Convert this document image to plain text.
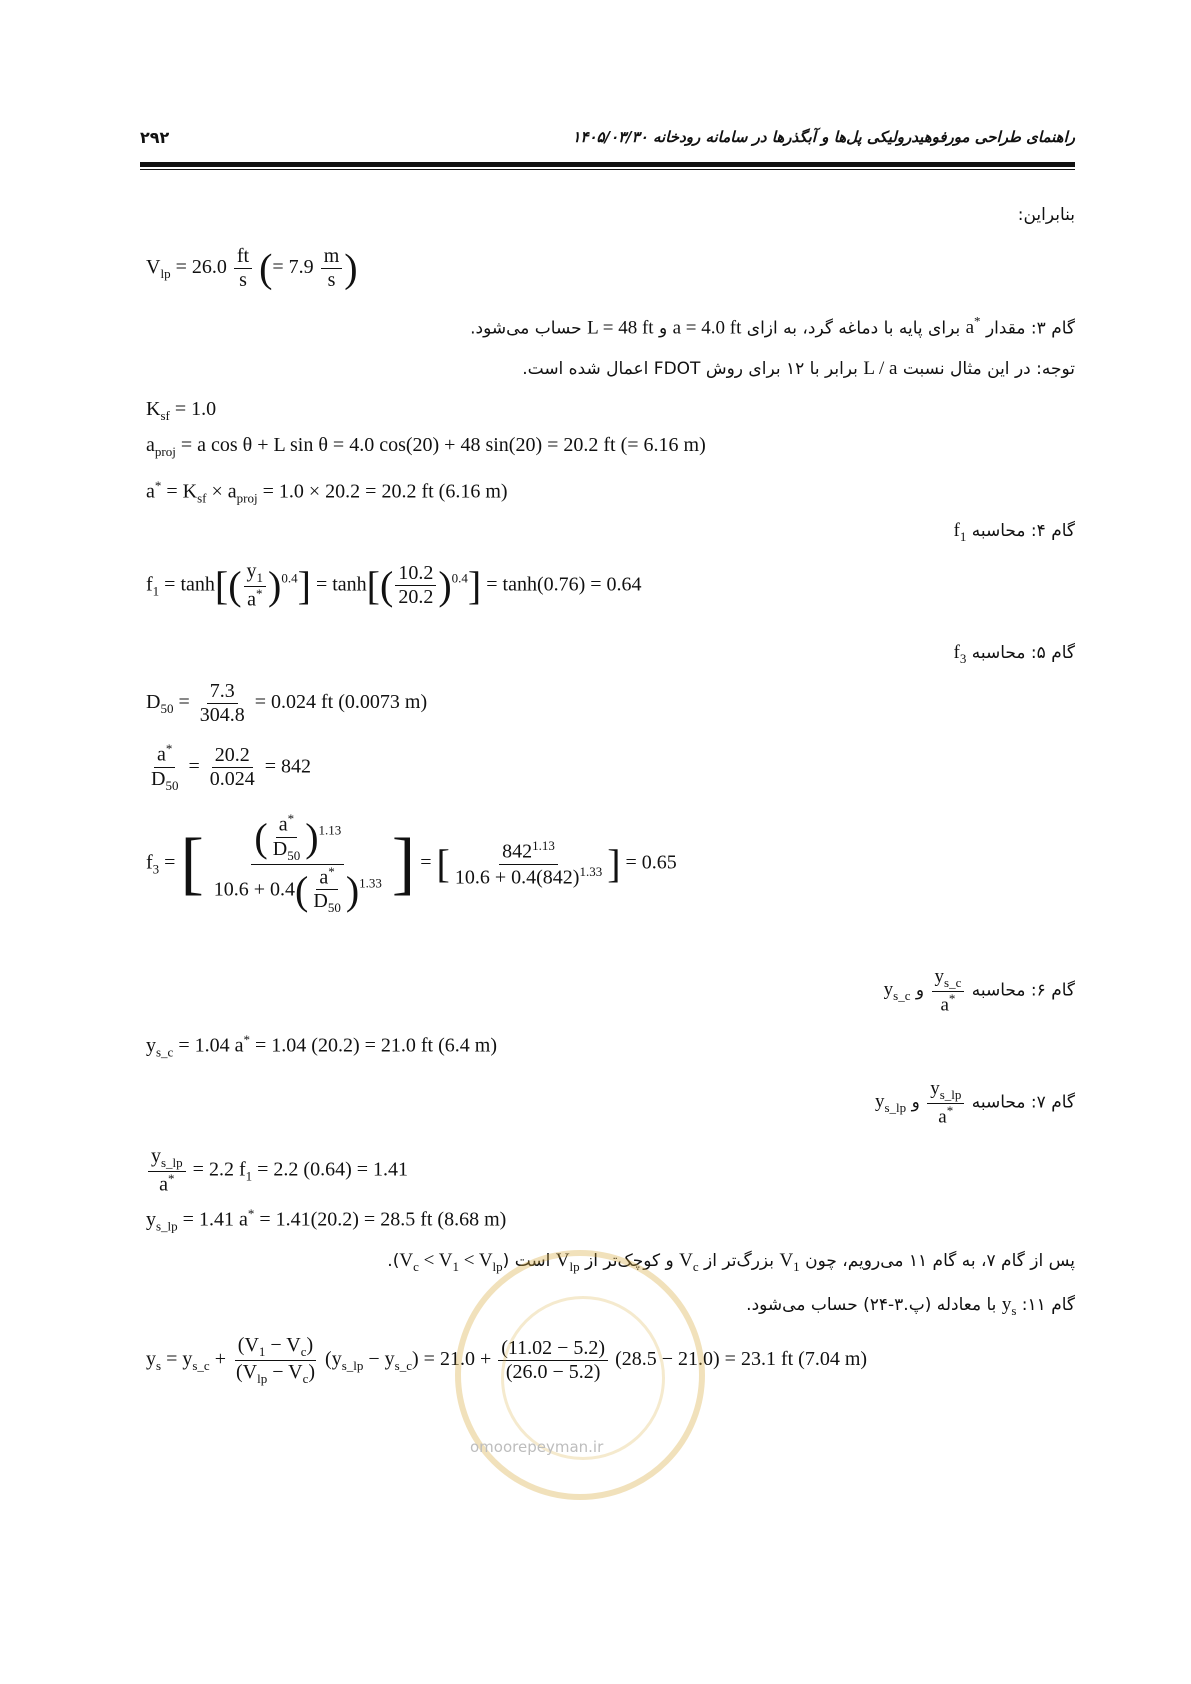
۲۹۲	راهنمای طراحی مورفوهیدرولیکی پل‌ها و آبگذرها در سامانه رودخانه ۱۴۰۵/۰۳/۳۰
بنابراین:
$V_{lp} = 26.0 \frac{ft}{s}$ (= $7.9 \frac{m}{s}$ )
گام ۳: مقدار a* برای پایه با دماغه گرد، به ازای a = 4.0 ft و L = 48 ft حساب می‌شود.
توجه: در این مثال نسبت L / a برابر با ۱۲ برای روش FDOT اعمال شده است.
$K_{sf} = 1.0$
$a_{proj} = a$ cos θ + L sin θ = 4.0 cos(20) + 48 sin(20) = 20.2 ft (= 6.16 m)
$a^* = K_{sf} \times a_{proj} = 1.0 \times 20.2 = 20.2$ ft (6.16 m)
گام ۴: محاسبه $f_1$
$f_1 = \tanh[( \frac{y_1}{a^*} )^{0.4}] = \tanh[( \frac{10.2}{20.2} )^{0.4}] = \tanh(0.76) = 0.64$
گام ۵: محاسبه $f_3$
$D_{50} = \frac{7.3}{304.8} = 0.024$ ft (0.0073 m)
$\frac{a^*}{D_{50}} = \frac{20.2}{0.024} = 842$
$f_3$ = [ $\frac{( \frac{a^*}{D_{50}} )^{1.13}}{10.6 + 0.4( \frac{a^*}{D_{50}} )^{1.33}}$ ] = [ $\frac{842^{1.13}}{10.6 + 0.4(842)^{1.33}}$ ] = 0.65
گام ۶: محاسبه
$\frac{y_{s\_c}}{a^*}$
و $y_{s\_c}$
$y_{s\_c} = 1.04$ a* = 1.04 (20.2) = 21.0 ft (6.4 m)
گام ۷: محاسبه
$\frac{y_{s\_lp}}{a^*}$
و $y_{s\_lp}$
$\frac{y_{s\_lp}}{a^*} = 2.2$ $f_1 = 2.2$ (0.64) = 1.41
$y_{s\_lp} = 1.41$ a* = 1.41(20.2) = 28.5 ft (8.68 m)
پس از گام ۷، به گام ۱۱ می‌رویم، چون $V_1$ بزرگ‌تر از $V_c$ و کوچک‌تر از $V_{lp}$ است $(V_c < V_1 < V_{lp})$.
گام ۱۱: $y_s$ با معادله (پ.۳-۲۴) حساب می‌شود.
$y_s = y_{s\_c} + \frac{(V_1 - V_c)}{(V_{lp} - V_c)} (y_{s\_lp} - y_{s\_c}) = 21.0 + \frac{(11.02 - 5.2)}{(26.0 - 5.2)} (28.5 - 21.0) = 23.1$ ft (7.04 m)
omoorepeyman.ir
